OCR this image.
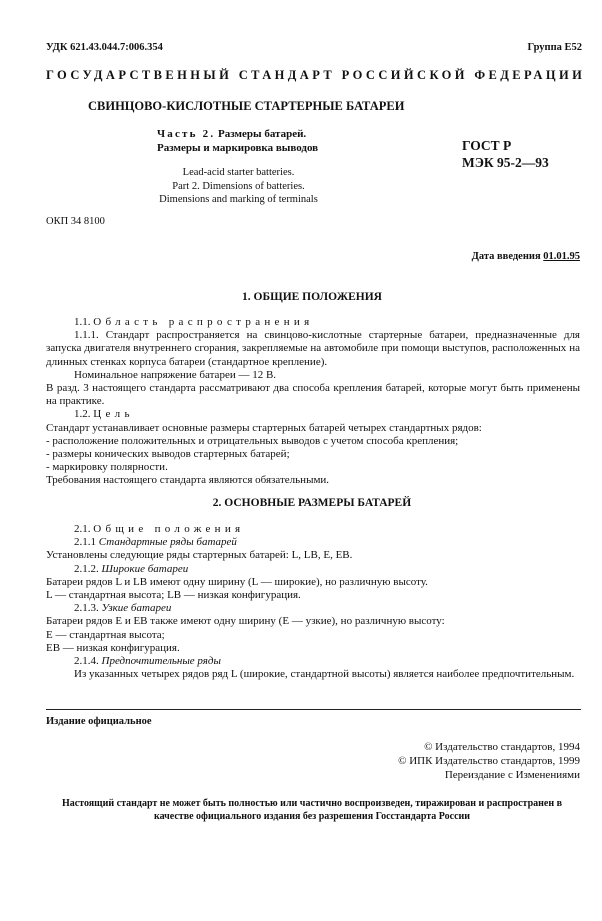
УДК 621.43.044.7:006.354	Группа E52
ГОСУДАРСТВЕННЫЙ СТАНДАРТ РОССИЙСКОЙ ФЕДЕРАЦИИ
СВИНЦОВО-КИСЛОТНЫЕ СТАРТЕРНЫЕ БАТАРЕИ
Часть 2. Размеры батарей.
Размеры и маркировка выводов	ГОСТ Р
МЭК 95-2—93
Lead-acid starter batteries.
Part 2. Dimensions of batteries.
Dimensions and marking of terminals
ОКП 34 8100
Дата введения 01.01.95
1. ОБЩИЕ ПОЛОЖЕНИЯ

1.1. Область распространения

1.1.1. Стандарт распространяется на свинцово-кислотные стартерные батареи, предназначенные для запуска двигателя внутреннего сгорания, закрепляемые на автомобиле при помощи выступов, расположенных на длинных стенках корпуса батареи (стандартное крепление).

Номинальное напряжение батареи — 12 В.

В разд. 3 настоящего стандарта рассматривают два способа крепления батарей, которые могут быть применены на практике.

1.2. Цель

Стандарт устанавливает основные размеры стартерных батарей четырех стандартных рядов:

- расположение положительных и отрицательных выводов с учетом способа крепления;

- размеры конических выводов стартерных батарей;

- маркировку полярности.

Требования настоящего стандарта являются обязательными.

2. ОСНОВНЫЕ РАЗМЕРЫ БАТАРЕЙ

2.1. Общие положения

2.1.1 Стандартные ряды батарей

Установлены следующие ряды стартерных батарей: L, LB, E, EB.

2.1.2. Широкие батареи

Батареи рядов L и LB имеют одну ширину (L — широкие), но различную высоту.

L — стандартная высота; LB — низкая конфигурация.

2.1.3. Узкие батареи

Батареи рядов E и EB также имеют одну ширину (E — узкие), но различную высоту:

E — стандартная высота;

EB — низкая конфигурация.

2.1.4. Предпочтительные ряды

Из указанных четырех рядов ряд L (широкие, стандартной высоты) является наиболее предпочтительным.

Издание официальное
© Издательство стандартов, 1994
© ИПК Издательство стандартов, 1999
Переиздание с Изменениями
Настоящий стандарт не может быть полностью или частично воспроизведен, тиражирован и распространен в качестве официального издания без разрешения Госстандарта России
